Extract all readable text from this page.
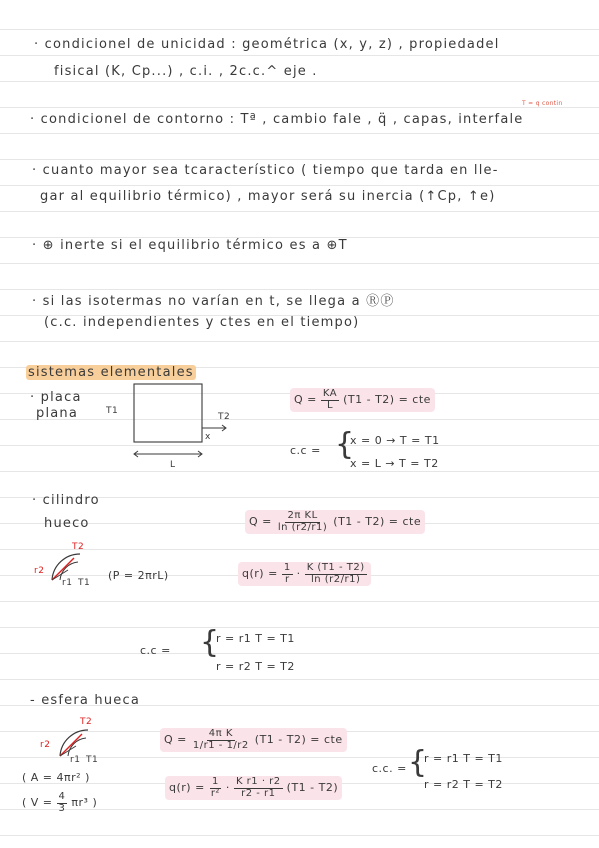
· condicionel de unicidad : geométrica (x, y, z) , propiedadel
fisical (K, Cp...) , c.i. , 2c.c.^ eje .
T = q contin
· condicionel de contorno : Tª , cambio fale , q̈ , capas, interfale
· cuanto mayor sea tcaracterístico ( tiempo que tarda en lle-
gar al equilibrio térmico) , mayor será su inercia (↑Cp, ↑e)
· ⊕ inerte si el equilibrio térmico es a ⊕T
· si las isotermas no varían en t, se llega a ⓇⓅ
(c.c. independientes y ctes en el tiempo)
sistemas elementales
· placa
plana	T1
T2
x
L
$Q = \frac{KA}{L} (T1 - T2)$ = cte
c.c = {
x = 0 → T = T1
x = L → T = T2
· cilindro
hueco
T2
r2
r1 T1
(P = 2πrL)
$Q = \frac{\text{2π KL}}{\ln (r2/r1)} (T1 - T2)$ = cte
$q(r) = \frac{1}{r} \cdot \frac{K (T1 - T2)}{\ln (r2/r1)}$
c.c = {
r = r1 T = T1
r = r2 T = T2
- esfera hueca
T2
r2
r1 T1
( A = 4πr² )
( $V = \frac{4}{3} \pi r^3$ )
$Q = \frac{\text{4π K}}{1/r1 - 1/r2} (T1 - T2)$ = cte
$q(r) = \frac{1}{\text{r²}} \cdot \frac{\text{K r1 · r2}}{r2 - r1} (T1 - T2)$
c.c. = {
r = r1 T = T1
r = r2 T = T2
